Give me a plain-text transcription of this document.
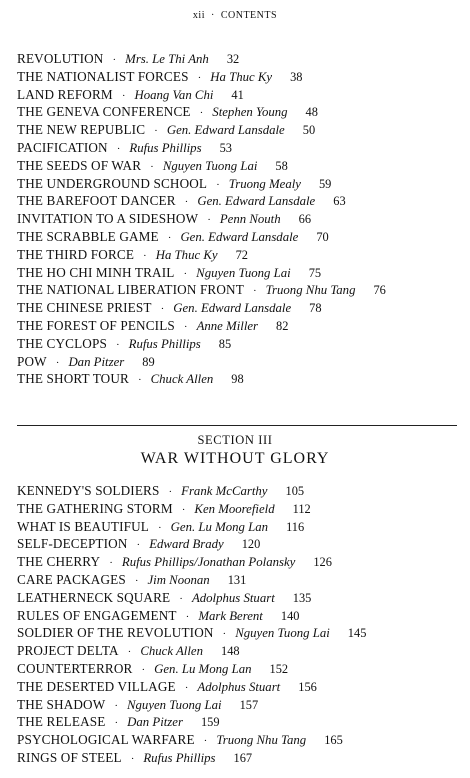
xii · CONTENTS
REVOLUTION · Mrs. Le Thi Anh 32
THE NATIONALIST FORCES · Ha Thuc Ky 38
LAND REFORM · Hoang Van Chi 41
THE GENEVA CONFERENCE · Stephen Young 48
THE NEW REPUBLIC · Gen. Edward Lansdale 50
PACIFICATION · Rufus Phillips 53
THE SEEDS OF WAR · Nguyen Tuong Lai 58
THE UNDERGROUND SCHOOL · Truong Mealy 59
THE BAREFOOT DANCER · Gen. Edward Lansdale 63
INVITATION TO A SIDESHOW · Penn Nouth 66
THE SCRABBLE GAME · Gen. Edward Lansdale 70
THE THIRD FORCE · Ha Thuc Ky 72
THE HO CHI MINH TRAIL · Nguyen Tuong Lai 75
THE NATIONAL LIBERATION FRONT · Truong Nhu Tang 76
THE CHINESE PRIEST · Gen. Edward Lansdale 78
THE FOREST OF PENCILS · Anne Miller 82
THE CYCLOPS · Rufus Phillips 85
POW · Dan Pitzer 89
THE SHORT TOUR · Chuck Allen 98
SECTION III
WAR WITHOUT GLORY
KENNEDY'S SOLDIERS · Frank McCarthy 105
THE GATHERING STORM · Ken Moorefield 112
WHAT IS BEAUTIFUL · Gen. Lu Mong Lan 116
SELF-DECEPTION · Edward Brady 120
THE CHERRY · Rufus Phillips/Jonathan Polansky 126
CARE PACKAGES · Jim Noonan 131
LEATHERNECK SQUARE · Adolphus Stuart 135
RULES OF ENGAGEMENT · Mark Berent 140
SOLDIER OF THE REVOLUTION · Nguyen Tuong Lai 145
PROJECT DELTA · Chuck Allen 148
COUNTERTERROR · Gen. Lu Mong Lan 152
THE DESERTED VILLAGE · Adolphus Stuart 156
THE SHADOW · Nguyen Tuong Lai 157
THE RELEASE · Dan Pitzer 159
PSYCHOLOGICAL WARFARE · Truong Nhu Tang 165
RINGS OF STEEL · Rufus Phillips 167
